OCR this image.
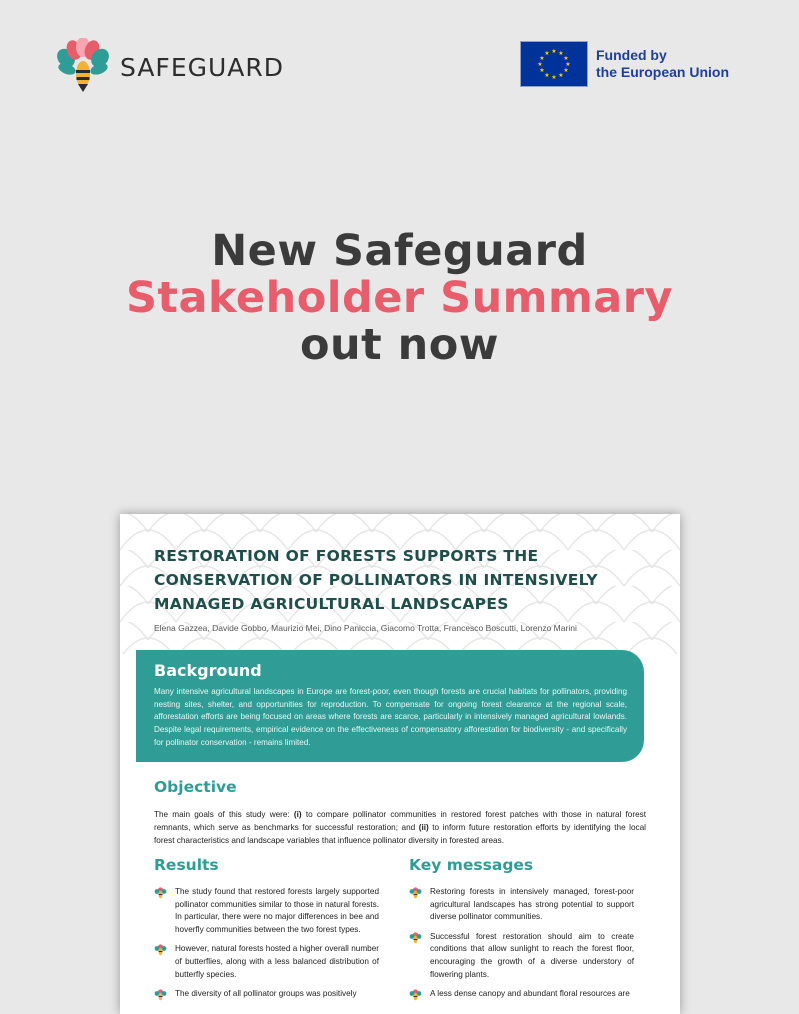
SAFEGUARD
★ ★
★
★
★
★
★
★
★
★
★
★	Funded by
the European Union
New Safeguard
Stakeholder Summary
out now
RESTORATION OF FORESTS SUPPORTS THE
CONSERVATION OF POLLINATORS IN INTENSIVELY
MANAGED AGRICULTURAL LANDSCAPES
Elena Gazzea, Davide Gobbo, Maurizio Mei, Dino Paniccia, Giacomo Trotta, Francesco Boscutti, Lorenzo Marini
Background
Many intensive agricultural landscapes in Europe are forest-poor, even though forests are crucial habitats for pollinators, providing nesting sites, shelter, and opportunities for reproduction. To compensate for ongoing forest clearance at the regional scale, afforestation efforts are being focused on areas where forests are scarce, particularly in intensively managed agricultural lowlands. Despite legal requirements, empirical evidence on the effectiveness of compensatory afforestation for biodiversity - and specifically for pollinator conservation - remains limited.
Objective
The main goals of this study were: (i) to compare pollinator communities in restored forest patches with those in natural forest remnants, which serve as benchmarks for successful restoration; and (ii) to inform future restoration efforts by identifying the local forest characteristics and landscape variables that influence pollinator diversity in forested areas.
Results	Key messages
The study found that restored forests largely supported pollinator communities similar to those in natural forests. In particular, there were no major differences in bee and hoverfly communities between the two forest types.
However, natural forests hosted a higher overall number of butterflies, along with a less balanced distribution of butterfly species.
The diversity of all pollinator groups was positively
Restoring forests in intensively managed, forest-poor agricultural landscapes has strong potential to support diverse pollinator communities.
Successful forest restoration should aim to create conditions that allow sunlight to reach the forest floor, encouraging the growth of a diverse understory of flowering plants.
A less dense canopy and abundant floral resources are
